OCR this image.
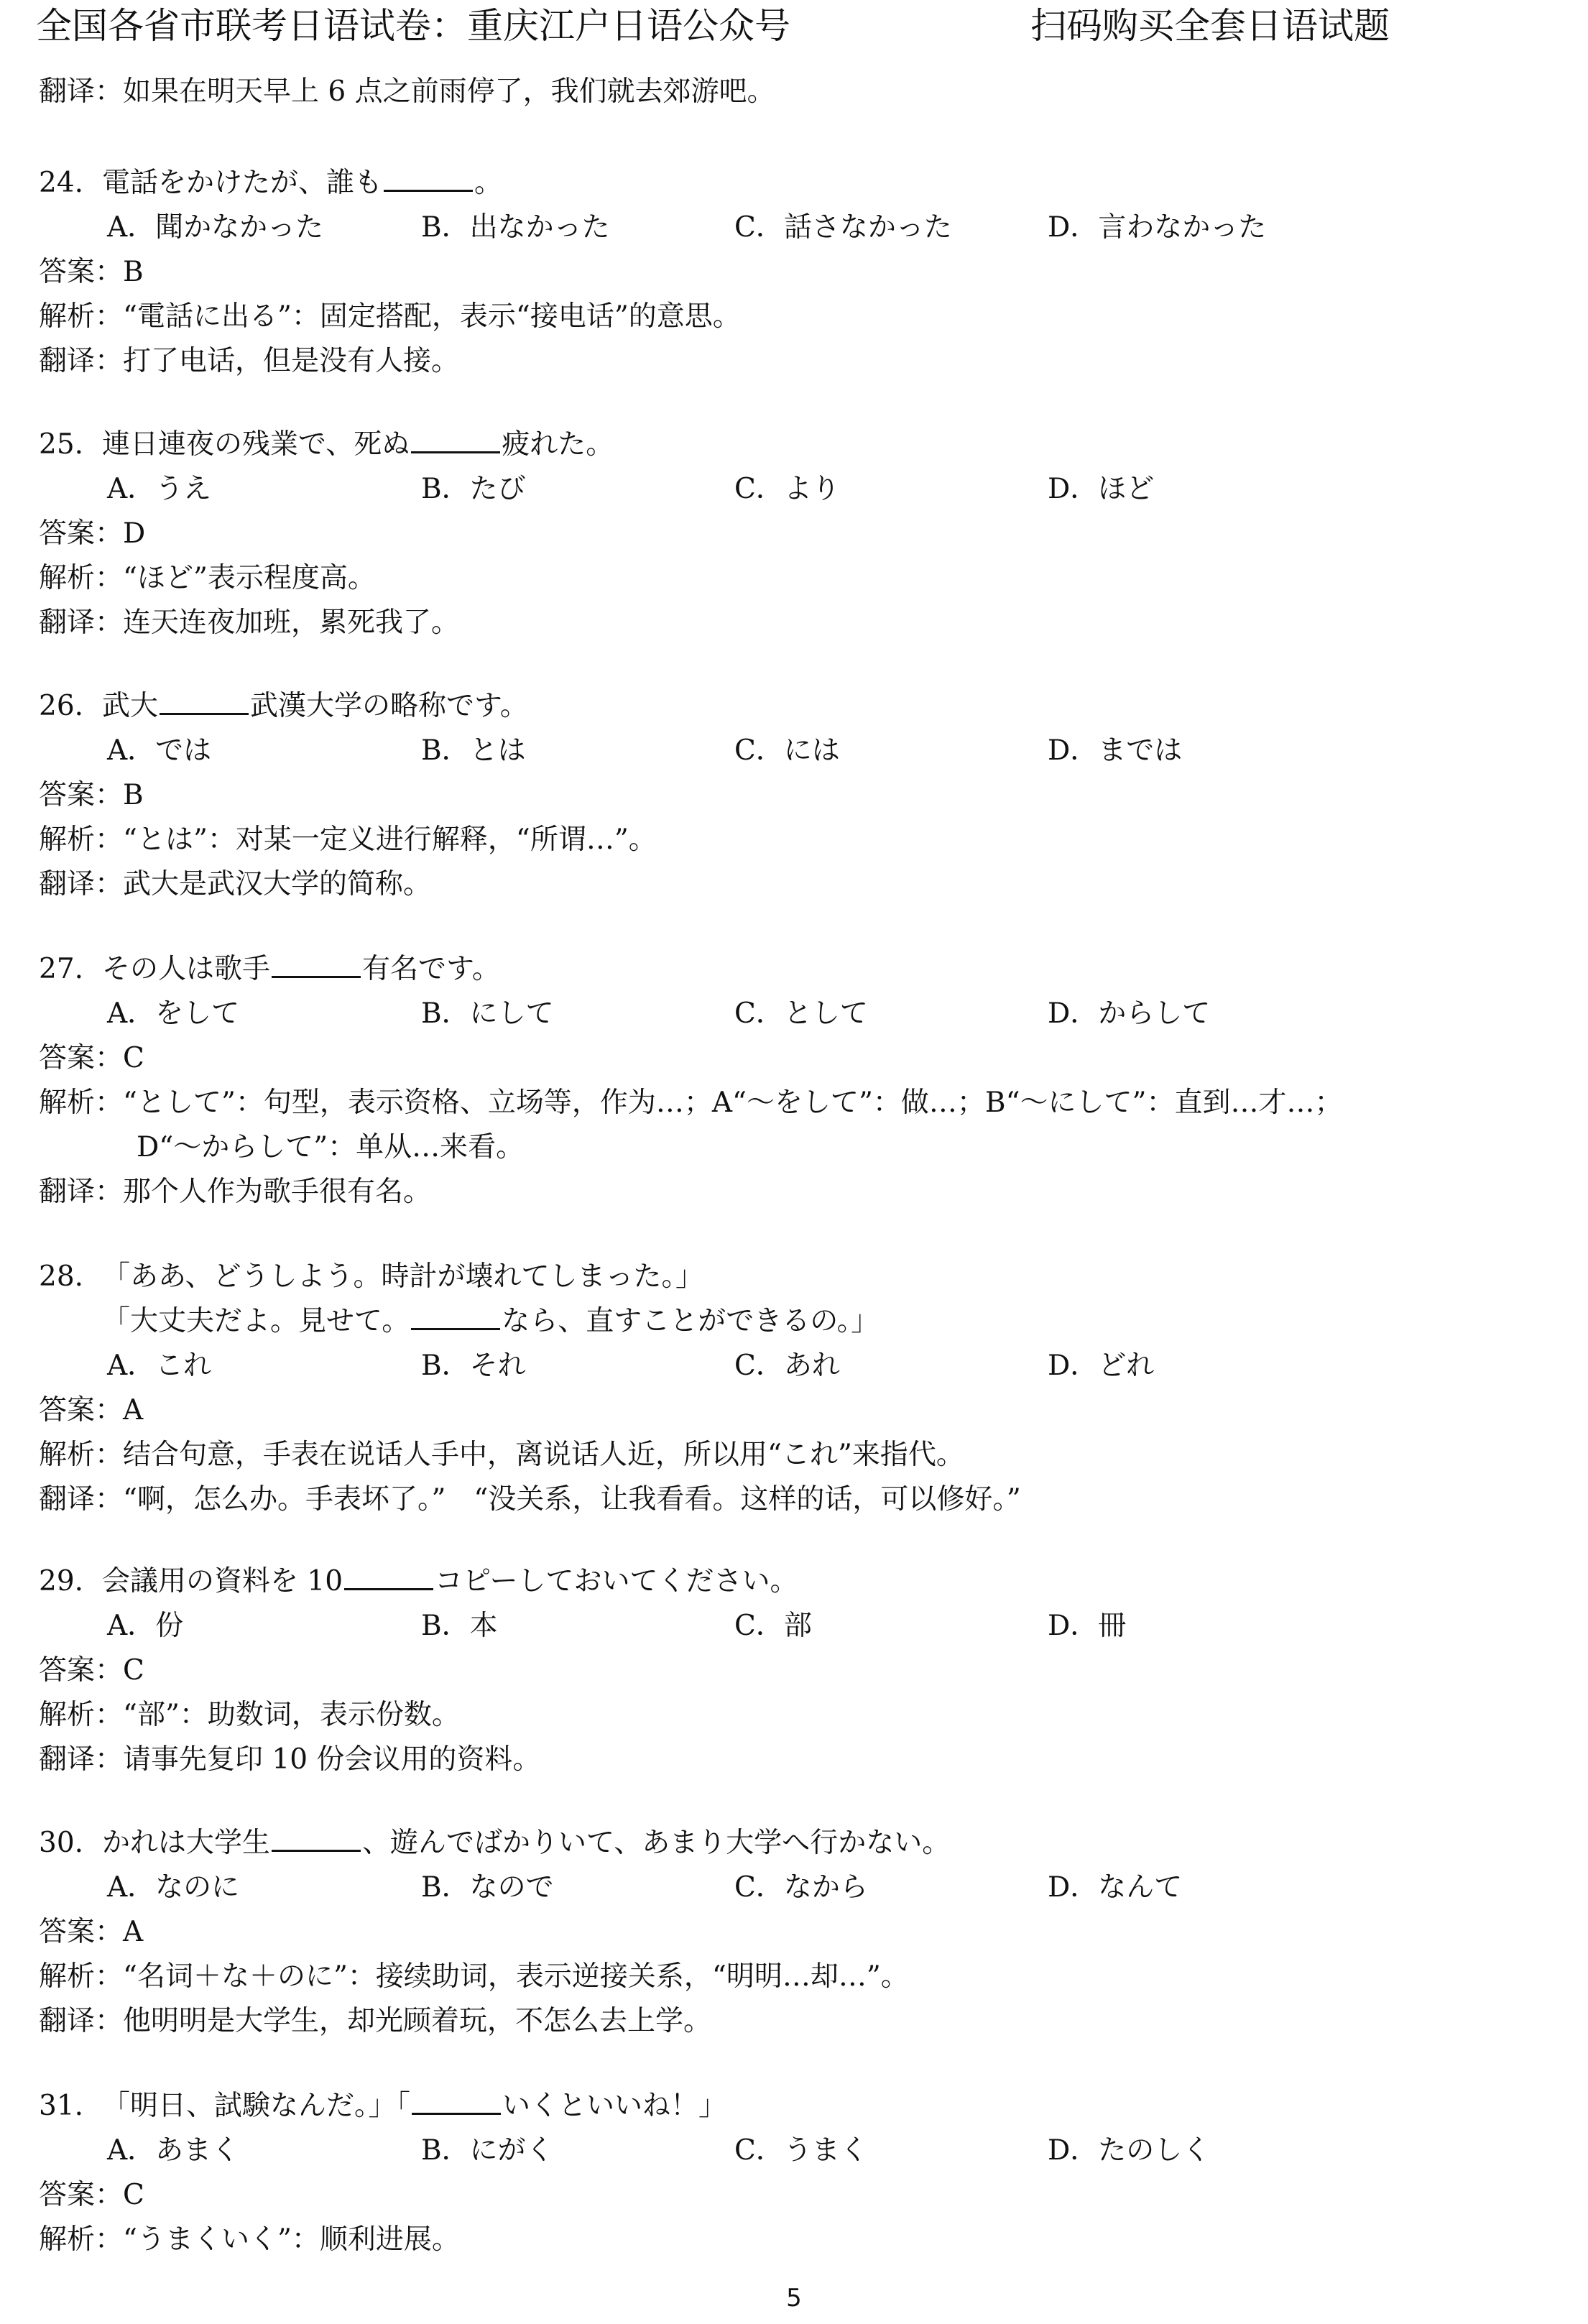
全国各省市联考日语试卷：重庆江户日语公众号	扫码购买全套日语试题
翻译：如果在明天早上 6 点之前雨停了，我们就去郊游吧。
24. 電話をかけたが、誰も	。
A．聞かなかった	B．出なかった	C．話さなかった	D．言わなかった
答案：B
解析：“電話に出る”：固定搭配，表示“接电话”的意思。
翻译：打了电话，但是没有人接。
25. 連日連夜の残業で、死ぬ	疲れた。
A．うえ	B．たび	C．より	D．ほど
答案：D
解析：“ほど”表示程度高。
翻译：连天连夜加班，累死我了。
26. 武大	武漢大学の略称です。
A．では	B．とは	C．には	D．までは
答案：B
解析：“とは”：对某一定义进行解释，“所谓…”。
翻译：武大是武汉大学的简称。
27. その人は歌手	有名です。
A．をして	B．にして	C．として	D．からして
答案：C
解析：“として”：句型，表示资格、立场等，作为…；A“～をして”：做…；B“～にして”：直到…才…；
D“～からして”：单从…来看。
翻译：那个人作为歌手很有名。
28. 「ああ、どうしよう。時計が壊れてしまった。」
「大丈夫だよ。見せて。	なら、直すことができるの。」
A．これ	B．それ	C．あれ	D．どれ
答案：A
解析：结合句意，手表在说话人手中，离说话人近，所以用“これ”来指代。
翻译：“啊，怎么办。手表坏了。”　“没关系，让我看看。这样的话，可以修好。”
29. 会議用の資料を 10	コピーしておいてください。
A．份	B．本	C．部	D．冊
答案：C
解析：“部”：助数词，表示份数。
翻译：请事先复印 10 份会议用的资料。
30. かれは大学生	、遊んでばかりいて、あまり大学へ行かない。
A．なのに	B．なので	C．なから	D．なんて
答案：A
解析：“名词＋な＋のに”：接续助词，表示逆接关系，“明明…却…”。
翻译：他明明是大学生，却光顾着玩，不怎么去上学。
31. 「明日、試験なんだ。」「	いくといいね！」
A．あまく	B．にがく	C．うまく	D．たのしく
答案：C
解析：“うまくいく”：顺利进展。
5
